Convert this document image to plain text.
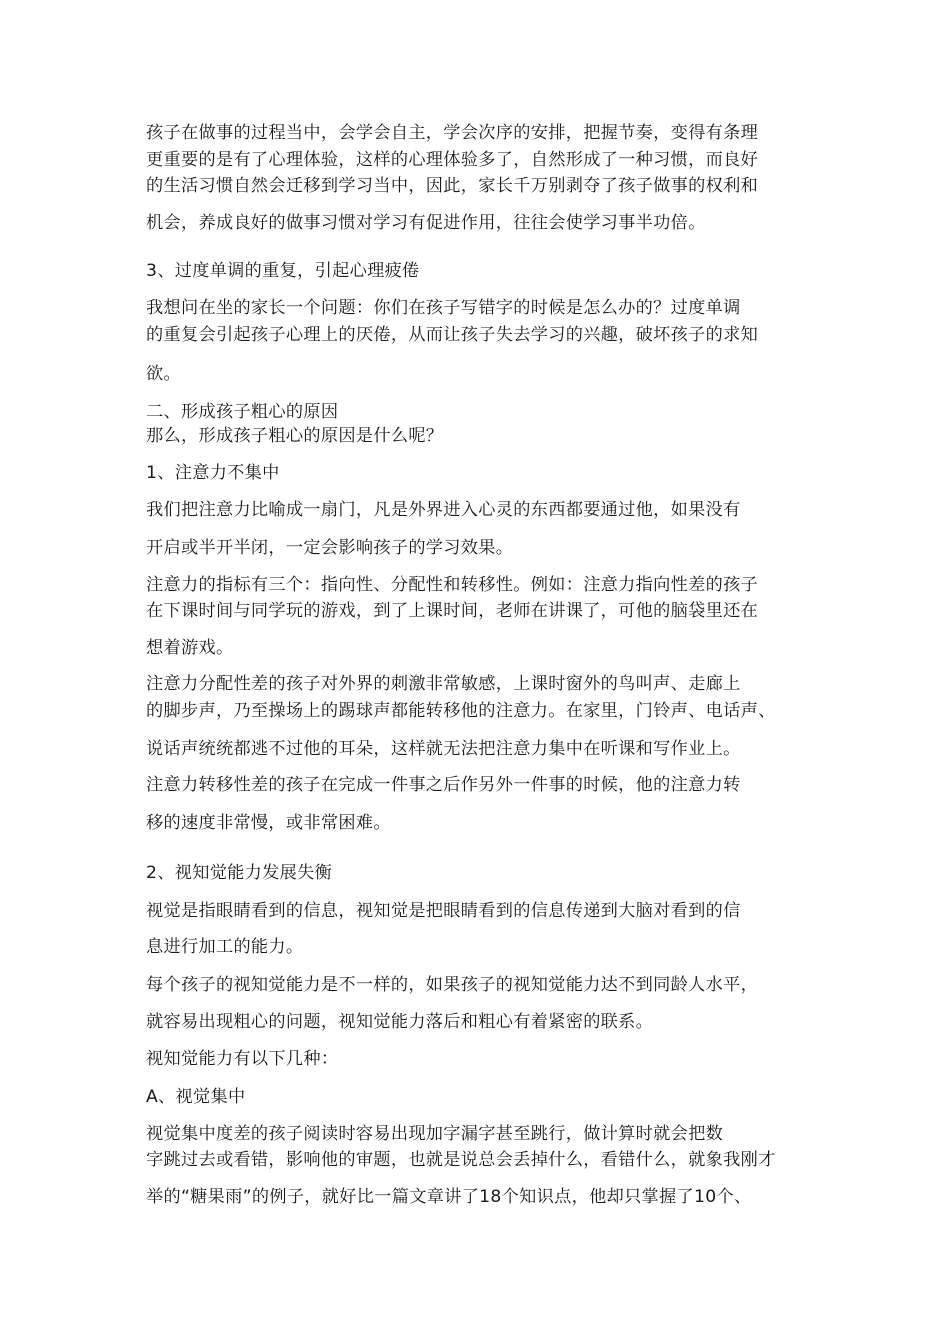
孩子在做事的过程当中，会学会自主，学会次序的安排，把握节奏，变得有条理

更重要的是有了心理体验，这样的心理体验多了，自然形成了一种习惯，而良好

的生活习惯自然会迁移到学习当中，因此，家长千万别剥夺了孩子做事的权利和

机会，养成良好的做事习惯对学习有促进作用，往往会使学习事半功倍。

3、过度单调的重复，引起心理疲倦

我想问在坐的家长一个问题：你们在孩子写错字的时候是怎么办的？过度单调

的重复会引起孩子心理上的厌倦，从而让孩子失去学习的兴趣，破坏孩子的求知

欲。

二、形成孩子粗心的原因

那么，形成孩子粗心的原因是什么呢？

1、注意力不集中

我们把注意力比喻成一扇门，凡是外界进入心灵的东西都要通过他，如果没有

开启或半开半闭，一定会影响孩子的学习效果。

注意力的指标有三个：指向性、分配性和转移性。例如：注意力指向性差的孩子

在下课时间与同学玩的游戏，到了上课时间，老师在讲课了，可他的脑袋里还在

想着游戏。

注意力分配性差的孩子对外界的刺激非常敏感，上课时窗外的鸟叫声、走廊上

的脚步声，乃至操场上的踢球声都能转移他的注意力。在家里，门铃声、电话声、

说话声统统都逃不过他的耳朵，这样就无法把注意力集中在听课和写作业上。

注意力转移性差的孩子在完成一件事之后作另外一件事的时候，他的注意力转

移的速度非常慢，或非常困难。

2、视知觉能力发展失衡

视觉是指眼睛看到的信息，视知觉是把眼睛看到的信息传递到大脑对看到的信

息进行加工的能力。

每个孩子的视知觉能力是不一样的，如果孩子的视知觉能力达不到同龄人水平，

就容易出现粗心的问题，视知觉能力落后和粗心有着紧密的联系。

视知觉能力有以下几种：

A、视觉集中

视觉集中度差的孩子阅读时容易出现加字漏字甚至跳行，做计算时就会把数

字跳过去或看错，影响他的审题，也就是说总会丢掉什么，看错什么，就象我刚才

举的“糖果雨”的例子，就好比一篇文章讲了18个知识点，他却只掌握了10个、
